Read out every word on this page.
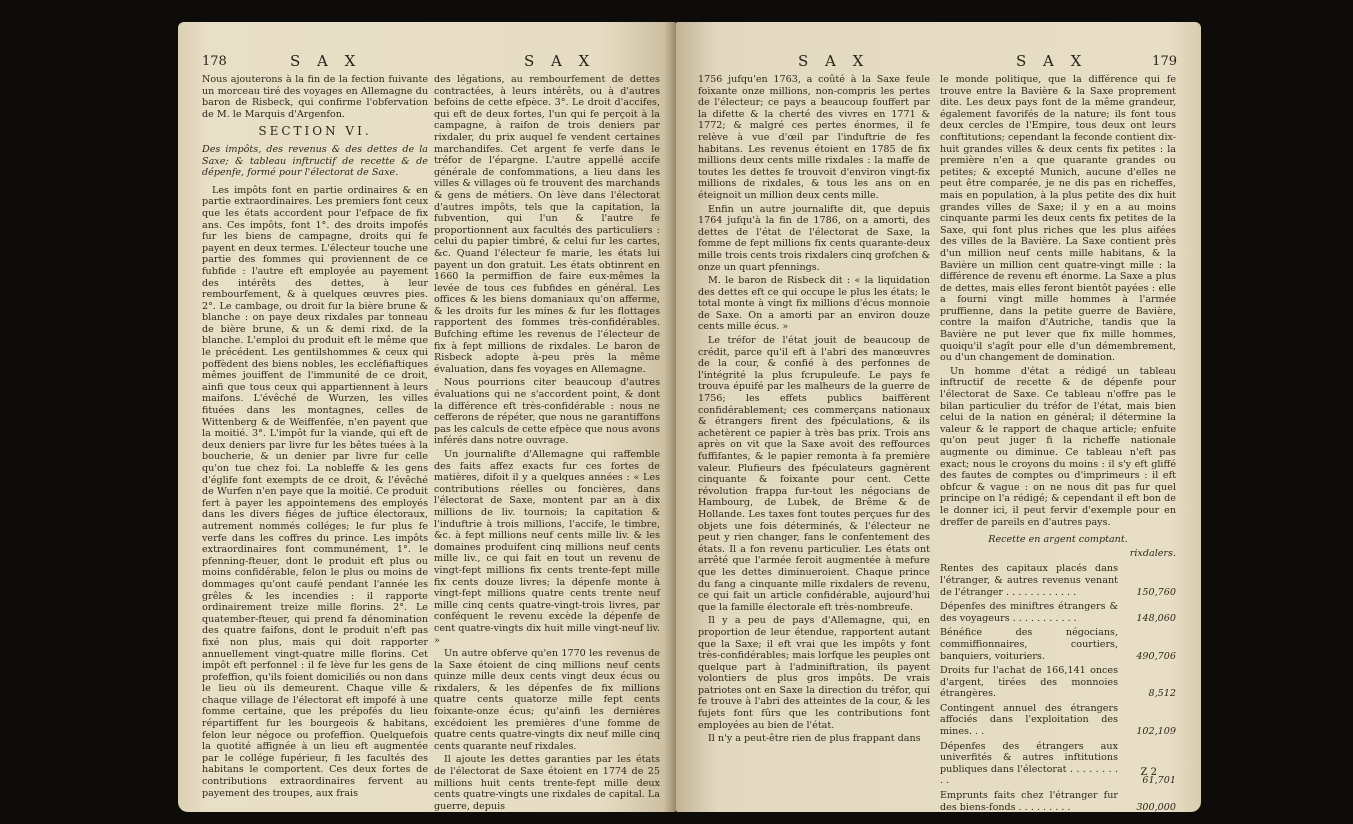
178	S A X	S A X

Nous ajouterons à la fin de la fection fuivante un morceau tiré des voyages en Allemagne du baron de Risbeck, qui confirme l'obfervation de M. le Marquis d'Argenfon.

SECTION VI.

Des impôts, des revenus & des dettes de la Saxe; & tableau inftructif de recette & de dépenfe, formé pour l'électorat de Saxe.

Les impôts font en partie ordinaires & en partie extraordinaires. Les premiers font ceux que les états accordent pour l'efpace de fix ans. Ces impôts, font 1°. des droits impofés fur les biens de campagne, droits qui fe payent en deux termes. L'électeur touche une partie des fommes qui proviennent de ce fubfide : l'autre eft employée au payement des intérêts des dettes, à leur rembourfement, & à quelques œuvres pies. 2°. Le cambage, ou droit fur la bière brune & blanche : on paye deux rixdales par tonneau de bière brune, & un & demi rixd. de la blanche. L'emploi du produit eft le même que le précédent. Les gentilshommes & ceux qui poffèdent des biens nobles, les eccléfiaftiques mêmes jouiffent de l'immunité de ce droit, ainfi que tous ceux qui appartiennent à leurs maifons. L'évêché de Wurzen, les villes fituées dans les montagnes, celles de Wittenberg & de Weiffenfée, n'en payent que la moitié. 3°. L'impôt fur la viande, qui eft de deux deniers par livre fur les bêtes tuées à la boucherie, & un denier par livre fur celle qu'on tue chez foi. La nobleffe & les gens d'églife font exempts de ce droit, & l'évêché de Wurfen n'en paye que la moitié. Ce produit fert à payer les appointemens des employés dans les divers fiéges de juftice électoraux, autrement nommés colléges; le fur plus fe verfe dans les coffres du prince. Les impôts extraordinaires font communément, 1°. le pfenning-fteuer, dont le produit eft plus ou moins confidérable, felon le plus ou moins de dommages qu'ont caufé pendant l'année les grêles & les incendies : il rapporte ordinairement treize mille florins. 2°. Le quatember-fteuer, qui prend fa dénomination des quatre faifons, dont le produit n'eft pas fixé non plus, mais qui doit rapporter annuellement vingt-quatre mille florins. Cet impôt eft perfonnel : il fe lève fur les gens de profeffion, qu'ils foient domiciliés ou non dans le lieu où ils demeurent. Chaque ville & chaque village de l'électorat eft impofé à une fomme certaine, que les prépofés du lieu répartiffent fur les bourgeois & habitans, felon leur négoce ou profeffion. Quelquefois la quotité affignée à un lieu eft augmentée par le collége fupérieur, fi les facultés des habitans le comportent. Ces deux fortes de contributions extraordinaires fervent au payement des troupes, aux frais

des légations, au rembourfement de dettes contractées, à leurs intérêts, ou à d'autres befoins de cette efpèce. 3°. Le droit d'accifes, qui eft de deux fortes, l'un qui fe perçoit à la campagne, à raifon de trois deniers par rixdaler, du prix auquel fe vendent certaines marchandifes. Cet argent fe verfe dans le tréfor de l'épargne. L'autre appellé accife générale de confommations, a lieu dans les villes & villages où fe trouvent des marchands & gens de métiers. On lève dans l'électorat d'autres impôts, tels que la capitation, la fubvention, qui l'un & l'autre fe proportionnent aux facultés des particuliers : celui du papier timbré, & celui fur les cartes, &c. Quand l'électeur fe marie, les états lui payent un don gratuit. Les états obtinrent en 1660 la permiffion de faire eux-mêmes la levée de tous ces fubfides en général. Les offices & les biens domaniaux qu'on afferme, & les droits fur les mines & fur les flottages rapportent des fommes très-confidérables. Bufching eftime les revenus de l'électeur de fix à fept millions de rixdales. Le baron de Risbeck adopte à-peu près la même évaluation, dans fes voyages en Allemagne.

Nous pourrions citer beaucoup d'autres évaluations qui ne s'accordent point, & dont la différence eft très-confidérable : nous ne cefferons de répéter, que nous ne garantiffons pas les calculs de cette efpèce que nous avons inférés dans notre ouvrage.

Un journalifte d'Allemagne qui raffemble des faits affez exacts fur ces fortes de matières, difoit il y a quelques années : « Les contributions réelles ou foncières, dans l'électorat de Saxe, montent par an à dix millions de liv. tournois; la capitation & l'induftrie à trois millions, l'accife, le timbre, &c. à fept millions neuf cents mille liv. & les domaines produifent cinq millions neuf cents mille liv., ce qui fait en tout un revenu de vingt-fept millions fix cents trente-fept mille fix cents douze livres; la dépenfe monte à vingt-fept millions quatre cents trente neuf mille cinq cents quatre-vingt-trois livres, par conféquent le revenu excède la dépenfe de cent quatre-vingts dix huit mille vingt-neuf liv. »

Un autre obferve qu'en 1770 les revenus de la Saxe étoient de cinq millions neuf cents quinze mille deux cents vingt deux écus ou rixdalers, & les dépenfes de fix millions quatre cents quatorze mille fept cents foixante-onze écus; qu'ainfi les dernières excédoient les premières d'une fomme de quatre cents quatre-vingts dix neuf mille cinq cents quarante neuf rixdales.

Il ajoute les dettes garanties par les états de l'électorat de Saxe étoient en 1774 de 25 millions huit cents trente-fept mille deux cents quatre-vingts une rixdales de capital. La guerre, depuis

S A X	S A X	179

1756 jufqu'en 1763, a coûté à la Saxe feule foixante onze millions, non-compris les pertes de l'électeur; ce pays a beaucoup fouffert par la difette & la cherté des vivres en 1771 & 1772; & malgré ces pertes énormes, il fe relève à vue d'œil par l'induftrie de fes habitans. Les revenus étoient en 1785 de fix millions deux cents mille rixdales : la maffe de toutes les dettes fe trouvoit d'environ vingt-fix millions de rixdales, & tous les ans on en éteignoit un million deux cents mille.

Enfin un autre journalifte dit, que depuis 1764 jufqu'à la fin de 1786, on a amorti, des dettes de l'état de l'électorat de Saxe, la fomme de fept millions fix cents quarante-deux mille trois cents trois rixdalers cinq grofchen & onze un quart pfennings.

M. le baron de Risbeck dit : « la liquidation des dettes eft ce qui occupe le plus les états; le total monte à vingt fix millions d'écus monnoie de Saxe. On a amorti par an environ douze cents mille écus. »

Le tréfor de l'état jouit de beaucoup de crédit, parce qu'il eft à l'abri des manœuvres de la cour, & confié à des perfonnes de l'intégrité la plus fcrupuleufe. Le pays fe trouva épuifé par les malheurs de la guerre de 1756; les effets publics baiffèrent confidérablement; ces commerçans nationaux & étrangers firent des fpéculations, & ils achetèrent ce papier à très bas prix. Trois ans après on vit que la Saxe avoit des reffources fuffifantes, & le papier remonta à fa première valeur. Plufieurs des fpéculateurs gagnèrent cinquante & foixante pour cent. Cette révolution frappa fur-tout les négocians de Hambourg, de Lubek, de Brême & de Hollande. Les taxes font toutes perçues fur des objets une fois déterminés, & l'électeur ne peut y rien changer, fans le confentement des états. Il a fon revenu particulier. Les états ont arrêté que l'armée feroit augmentée à mefure que les dettes diminueroient. Chaque prince du fang a cinquante mille rixdalers de revenu, ce qui fait un article confidérable, aujourd'hui que la famille électorale eft très-nombreufe.

Il y a peu de pays d'Allemagne, qui, en proportion de leur étendue, rapportent autant que la Saxe; il eft vrai que les impôts y font très-confidérables; mais lorfque les peuples ont quelque part à l'adminiftration, ils payent volontiers de plus gros impôts. De vrais patriotes ont en Saxe la direction du tréfor, qui fe trouve à l'abri des atteintes de la cour, & les fujets font fûrs que les contributions font employées au bien de l'état.

Il n'y a peut-être rien de plus frappant dans

le monde politique, que la différence qui fe trouve entre la Bavière & la Saxe proprement dite. Les deux pays font de la même grandeur, également favorifés de la nature; ils font tous deux cercles de l'Empire, tous deux ont leurs conftitutions; cependant la feconde contient dix-huit grandes villes & deux cents fix petites : la première n'en a que quarante grandes ou petites; & excepté Munich, aucune d'elles ne peut être comparée, je ne dis pas en richeffes, mais en population, à la plus petite des dix huit grandes villes de Saxe; il y en a au moins cinquante parmi les deux cents fix petites de la Saxe, qui font plus riches que les plus aifées des villes de la Bavière. La Saxe contient près d'un million neuf cents mille habitans, & la Bavière un million cent quatre-vingt mille : la différence de revenu eft énorme. La Saxe a plus de dettes, mais elles feront bientôt payées : elle a fourni vingt mille hommes à l'armée pruffienne, dans la petite guerre de Bavière, contre la maifon d'Autriche, tandis que la Bavière ne put lever que fix mille hommes, quoiqu'il s'agît pour elle d'un démembrement, ou d'un changement de domination.

Un homme d'état a rédigé un tableau inftructif de recette & de dépenfe pour l'électorat de Saxe. Ce tableau n'offre pas le bilan particulier du tréfor de l'état, mais bien celui de la nation en général; il détermine la valeur & le rapport de chaque article; enfuite qu'on peut juger fi la richeffe nationale augmente ou diminue. Ce tableau n'eft pas exact; nous le croyons du moins : il s'y eft gliffé des fautes de comptes ou d'imprimeurs : il eft obfcur & vague : on ne nous dit pas fur quel principe on l'a rédigé; & cependant il eft bon de le donner ici, il peut fervir d'exemple pour en dreffer de pareils en d'autres pays.

Recette en argent comptant.

rixdalers.

Rentes des capitaux placés dans l'étranger, & autres revenus venant de l'étranger . . . . . . . . . . . .	150,760
Dépenfes des miniftres étrangers & des voyageurs . . . . . . . . . . .	148,060
Bénéfice des négocians, commiffionnaires, courtiers, banquiers, voituriers.	490,706
Droits fur l'achat de 166,141 onces d'argent, tirées des monnoies étrangères.	8,512
Contingent annuel des étrangers affociés dans l'exploitation des mines. . .	102,109
Dépenfes des étrangers aux univerfités & autres inftitutions publiques dans l'électorat . . . . . . . . . .	61,701
Emprunts faits chez l'étranger fur des biens-fonds . . . . . . . . .	300,000
Z 2
